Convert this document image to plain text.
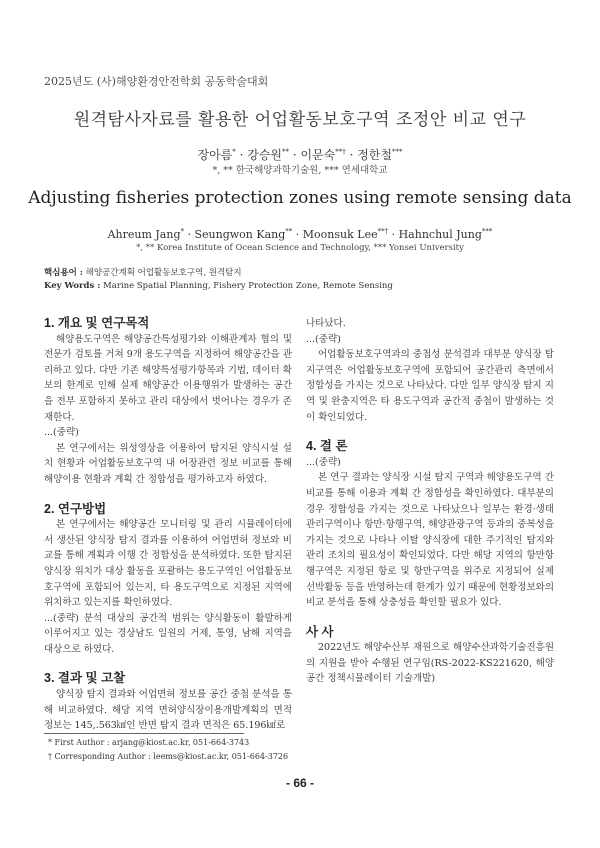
2025년도 (사)해양환경안전학회 공동학술대회
원격탐사자료를 활용한 어업활동보호구역 조정안 비교 연구
장아름* · 강승원** · 이문숙**† · 정한철***
*, ** 한국해양과학기술원, *** 연세대학교
Adjusting fisheries protection zones using remote sensing data
Ahreum Jang* · Seungwon Kang** · Moonsuk Lee**† · Hahnchul Jung***
*, ** Korea Institute of Ocean Science and Technology, *** Yonsei University
핵심용어 : 해양공간계획 어업활동보호구역, 원격탐지
Key Words : Marine Spatial Planning, Fishery Protection Zone, Remote Sensing
1. 개요 및 연구목적

해양용도구역은 해양공간특성평가와 이해관계자 협의 및 전문가 검토를 거쳐 9개 용도구역을 지정하여 해양공간을 관리하고 있다. 다만 기존 해양특성평가항목과 기법, 데이터 확보의 한계로 인해 실제 해양공간 이용행위가 발생하는 공간을 전부 포함하지 못하고 관리 대상에서 벗어나는 경우가 존재한다.

...(중략)

본 연구에서는 위성영상을 이용하여 탐지된 양식시설 설치 현황과 어업활동보호구역 내 어장관련 정보 비교를 통해 해양이용 현황과 계획 간 정합성을 평가하고자 하였다.

2. 연구방법

본 연구에서는 해양공간 모니터링 및 관리 시뮬레이터에서 생산된 양식장 탐지 결과를 이용하여 어업면허 정보와 비교를 통해 계획과 이행 간 정합성을 분석하였다. 또한 탐지된 양식장 위치가 대상 활동을 포괄하는 용도구역인 어업활동보호구역에 포함되어 있는지, 타 용도구역으로 지정된 지역에 위치하고 있는지를 확인하였다.

...(중략) 분석 대상의 공간적 범위는 양식활동이 활발하게 이루어지고 있는 경상남도 일원의 거제, 통영, 남해 지역을 대상으로 하였다.

3. 결과 및 고찰

양식장 탐지 결과와 어업면허 정보를 공간 중첩 분석을 통해 비교하였다. 해당 지역 면허양식장이용개발계획의 면적 정보는 145,.563㎢인 반면 탐지 결과 면적은 65.196㎢로

나타났다.

...(중략)

어업활동보호구역과의 중첩성 분석결과 대부분 양식장 탐지구역은 어업활동보호구역에 포함되어 공간관리 측면에서 정합성을 가지는 것으로 나타났다. 다만 일부 양식장 탐지 지역 및 완충지역은 타 용도구역과 공간적 중첩이 발생하는 것이 확인되었다.

4. 결 론

...(중략)

본 연구 결과는 양식장 시설 탐지 구역과 해양용도구역 간 비교를 통해 이용과 계획 간 정합성을 확인하였다. 대부분의 경우 정합성을 가지는 것으로 나타났으나 일부는 환경·생태관리구역이나 항만·항행구역, 해양관광구역 등과의 중복성을 가지는 것으로 나타나 이탈 양식장에 대한 주기적인 탐지와 관리 조치의 필요성이 확인되었다. 다만 해당 지역의 항만항행구역은 지정된 항로 및 항만구역을 위주로 지정되어 실제 선박활동 등을 반영하는데 한계가 있기 때문에 현황정보와의 비교 분석을 통해 상충성을 확인할 필요가 있다.

사 사

2022년도 해양수산부 재원으로 해양수산과학기술진흥원의 지원을 받아 수행된 연구임(RS-2022-KS221620, 해양공간 정책시뮬레이터 기술개발)

* First Author : arjang@kiost.ac.kr, 051-664-3743
† Corresponding Author : leems@kiost.ac.kr, 051-664-3726
- 66 -
